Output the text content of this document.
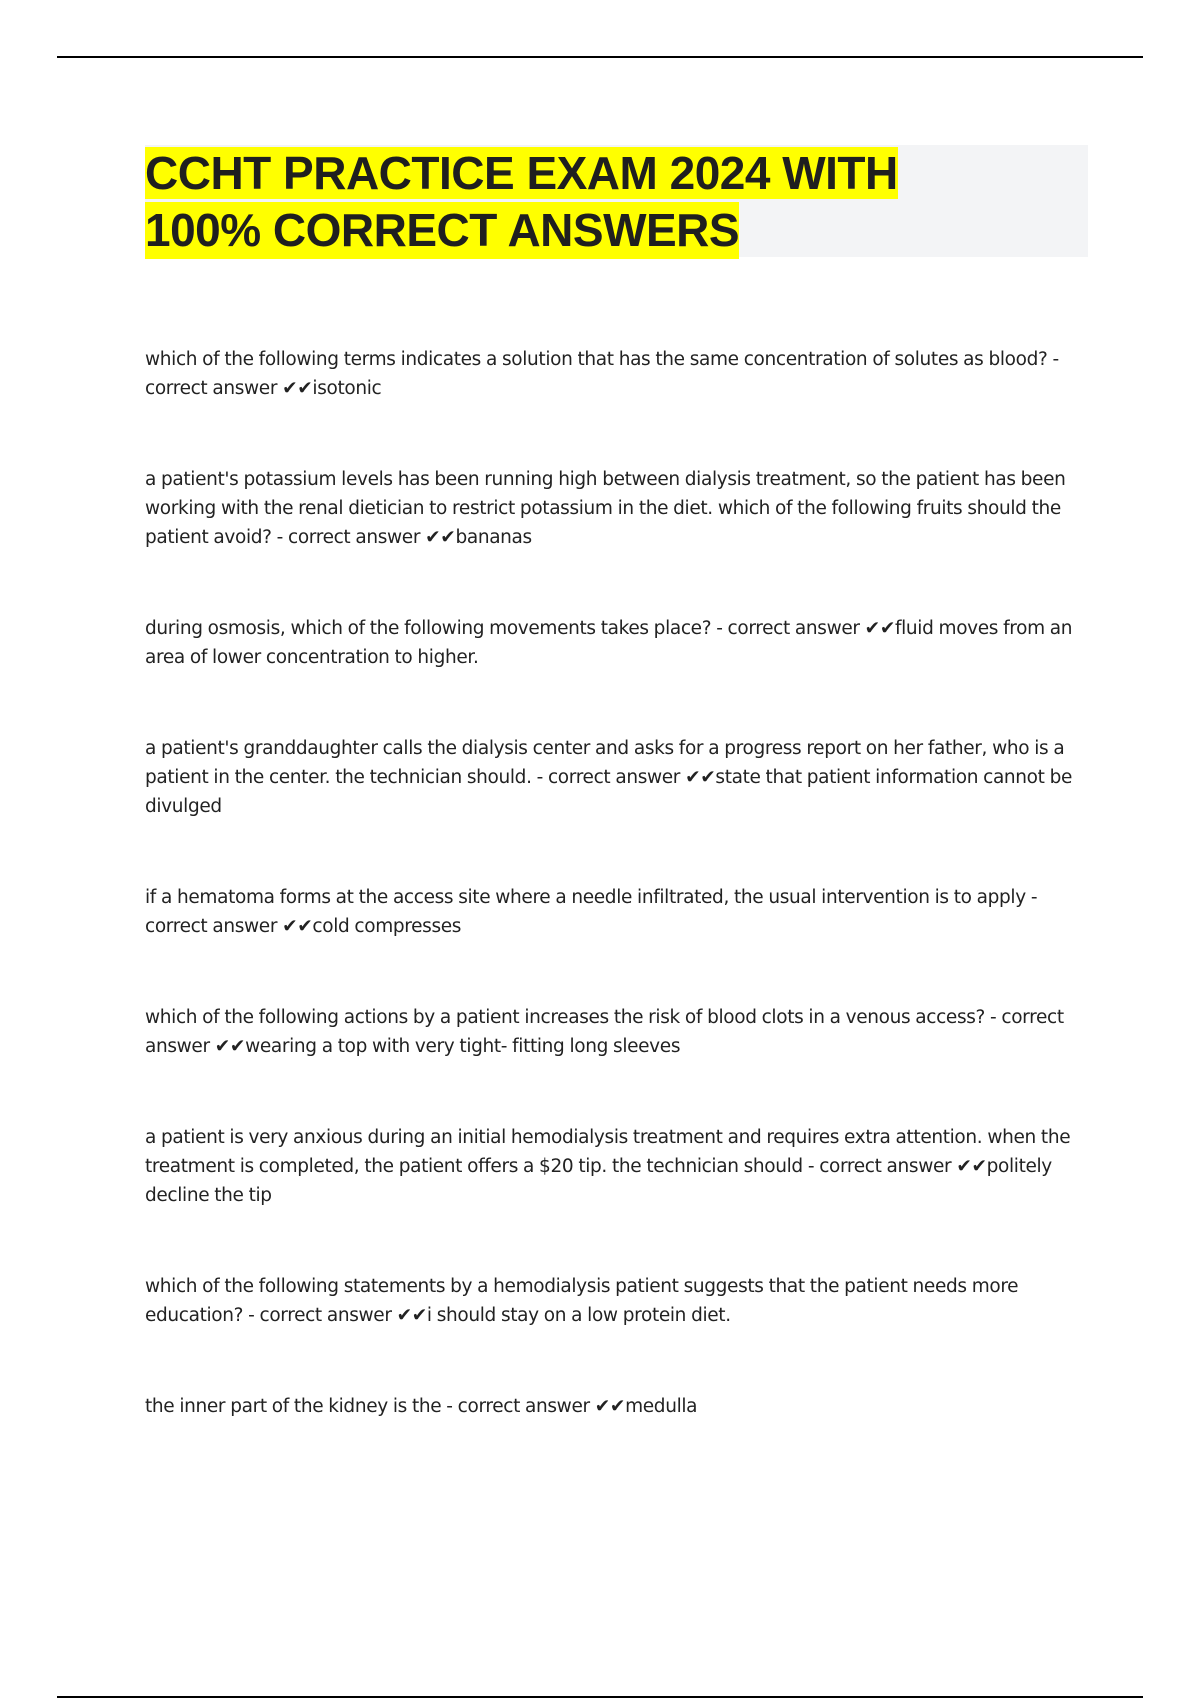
CCHT PRACTICE EXAM 2024 WITH
100% CORRECT ANSWERS
which of the following terms indicates a solution that has the same concentration of solutes as blood? - correct answer ✔✔isotonic
a patient's potassium levels has been running high between dialysis treatment, so the patient has been working with the renal dietician to restrict potassium in the diet. which of the following fruits should the patient avoid? - correct answer ✔✔bananas
during osmosis, which of the following movements takes place? - correct answer ✔✔fluid moves from an area of lower concentration to higher.
a patient's granddaughter calls the dialysis center and asks for a progress report on her father, who is a patient in the center. the technician should. - correct answer ✔✔state that patient information cannot be divulged
if a hematoma forms at the access site where a needle infiltrated, the usual intervention is to apply - correct answer ✔✔cold compresses
which of the following actions by a patient increases the risk of blood clots in a venous access? - correct answer ✔✔wearing a top with very tight- fitting long sleeves
a patient is very anxious during an initial hemodialysis treatment and requires extra attention. when the treatment is completed, the patient offers a $20 tip. the technician should - correct answer ✔✔politely decline the tip
which of the following statements by a hemodialysis patient suggests that the patient needs more education? - correct answer ✔✔i should stay on a low protein diet.
the inner part of the kidney is the - correct answer ✔✔medulla
